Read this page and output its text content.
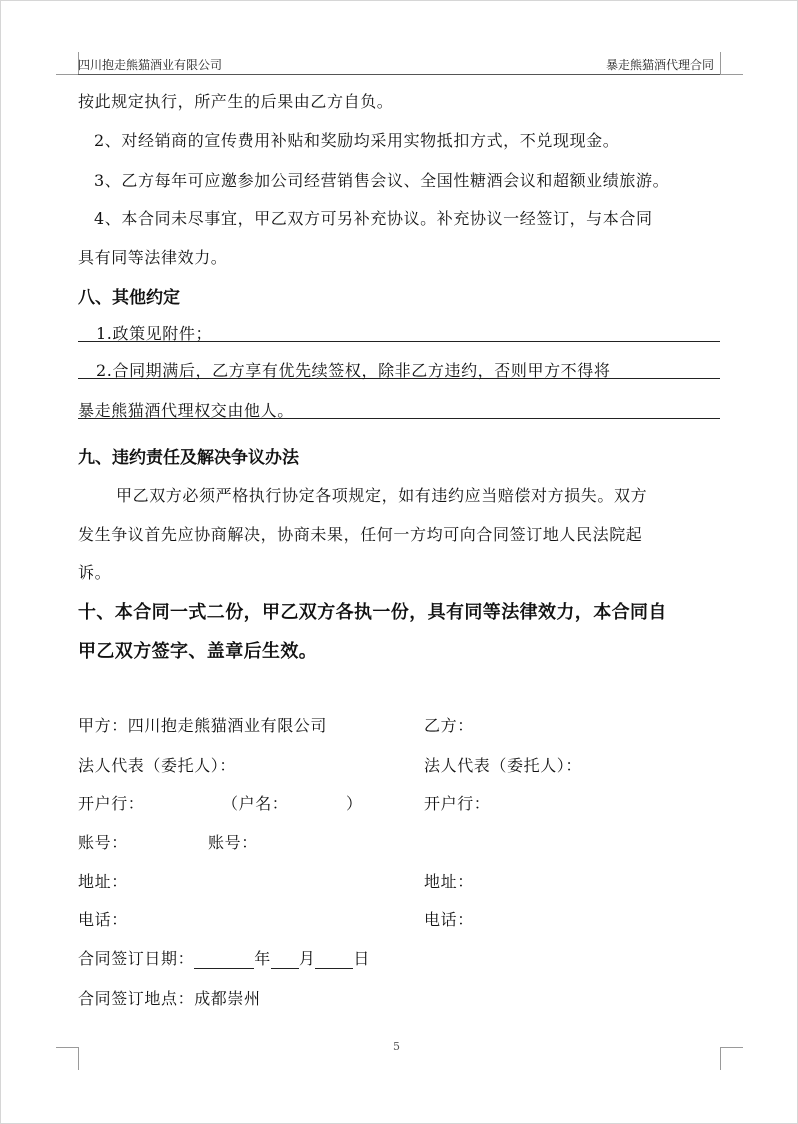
四川抱走熊猫酒业有限公司	暴走熊猫酒代理合同
按此规定执行，所产生的后果由乙方自负。
2、对经销商的宣传费用补贴和奖励均采用实物抵扣方式，不兑现现金。
3、乙方每年可应邀参加公司经营销售会议、全国性糖酒会议和超额业绩旅游。
4、本合同未尽事宜，甲乙双方可另补充协议。补充协议一经签订，与本合同
具有同等法律效力。
八、其他约定
1.政策见附件；
2.合同期满后，乙方享有优先续签权，除非乙方违约，否则甲方不得将
暴走熊猫酒代理权交由他人。
九、违约责任及解决争议办法
甲乙双方必须严格执行协定各项规定，如有违约应当赔偿对方损失。双方
发生争议首先应协商解决，协商未果，任何一方均可向合同签订地人民法院起
诉。
十、本合同一式二份，甲乙双方各执一份，具有同等法律效力，本合同自
甲乙双方签字、盖章后生效。
甲方：四川抱走熊猫酒业有限公司	乙方：
法人代表（委托人）：	法人代表（委托人）：
开户行：	（户名：	）	开户行：
账号：	账号：
地址：	地址：
电话：	电话：
合同签订日期：	年 月 日
合同签订地点：成都崇州
5
